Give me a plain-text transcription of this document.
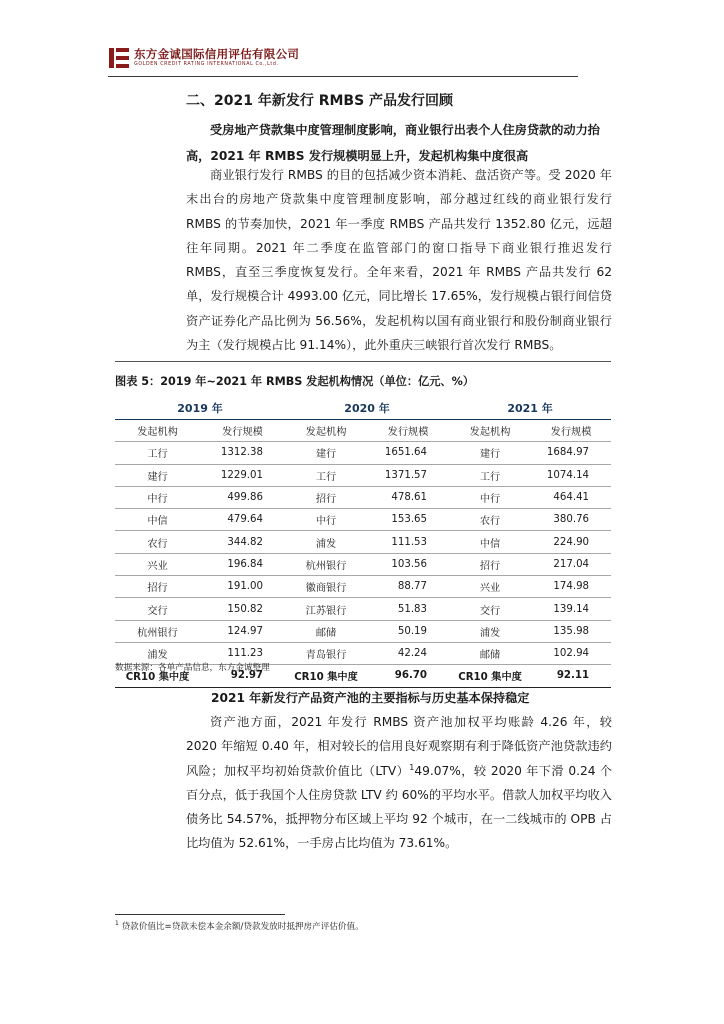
东方金诚国际信用评估有限公司
GOLDEN CREDIT RATING INTERNATIONAL Co.,Ltd.
二、2021 年新发行 RMBS 产品发行回顾
受房地产贷款集中度管理制度影响，商业银行出表个人住房贷款的动力抬高，2021 年 RMBS 发行规模明显上升，发起机构集中度很高
商业银行发行 RMBS 的目的包括减少资本消耗、盘活资产等。受 2020 年末出台的房地产贷款集中度管理制度影响，部分越过红线的商业银行发行 RMBS 的节奏加快，2021 年一季度 RMBS 产品共发行 1352.80 亿元，远超往年同期。2021 年二季度在监管部门的窗口指导下商业银行推迟发行 RMBS，直至三季度恢复发行。全年来看，2021 年 RMBS 产品共发行 62 单，发行规模合计 4993.00 亿元，同比增长 17.65%，发行规模占银行间信贷资产证券化产品比例为 56.56%，发起机构以国有商业银行和股份制商业银行为主（发行规模占比 91.14%），此外重庆三峡银行首次发行 RMBS。
图表 5：2019 年~2021 年 RMBS 发起机构情况（单位：亿元、%）
2019 年		2020 年		2021 年	
发起机构	发行规模	发起机构	发行规模	发起机构	发行规模
工行	1312.38	建行	1651.64	建行	1684.97
建行	1229.01	工行	1371.57	工行	1074.14
中行	499.86	招行	478.61	中行	464.41
中信	479.64	中行	153.65	农行	380.76
农行	344.82	浦发	111.53	中信	224.90
兴业	196.84	杭州银行	103.56	招行	217.04
招行	191.00	徽商银行	88.77	兴业	174.98
交行	150.82	江苏银行	51.83	交行	139.14
杭州银行	124.97	邮储	50.19	浦发	135.98
浦发	111.23	青岛银行	42.24	邮储	102.94
CR10 集中度	92.97	CR10 集中度	96.70	CR10 集中度	92.11
数据来源：各单产品信息，东方金诚整理
2021 年新发行产品资产池的主要指标与历史基本保持稳定
资产池方面，2021 年发行 RMBS 资产池加权平均账龄 4.26 年，较 2020 年缩短 0.40 年，相对较长的信用良好观察期有利于降低资产池贷款违约风险；加权平均初始贷款价值比（LTV）$^1$49.07%，较 2020 年下滑 0.24 个百分点，低于我国个人住房贷款 LTV 约 60%的平均水平。借款人加权平均收入债务比 54.57%，抵押物分布区域上平均 92 个城市，在一二线城市的 OPB 占比均值为 52.61%，一手房占比均值为 73.61%。
$^1$ 贷款价值比=贷款未偿本金余额/贷款发放时抵押房产评估价值。
